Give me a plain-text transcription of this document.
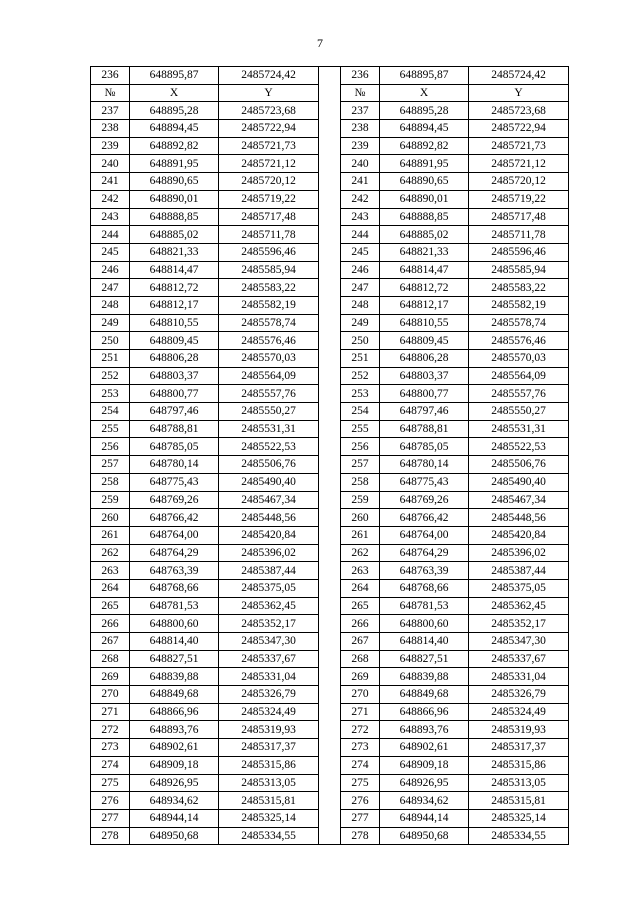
7
236	648895,87	2485724,42		236	648895,87	2485724,42
№	X	Y		№	X	Y
237	648895,28	2485723,68		237	648895,28	2485723,68
238	648894,45	2485722,94		238	648894,45	2485722,94
239	648892,82	2485721,73		239	648892,82	2485721,73
240	648891,95	2485721,12		240	648891,95	2485721,12
241	648890,65	2485720,12		241	648890,65	2485720,12
242	648890,01	2485719,22		242	648890,01	2485719,22
243	648888,85	2485717,48		243	648888,85	2485717,48
244	648885,02	2485711,78		244	648885,02	2485711,78
245	648821,33	2485596,46		245	648821,33	2485596,46
246	648814,47	2485585,94		246	648814,47	2485585,94
247	648812,72	2485583,22		247	648812,72	2485583,22
248	648812,17	2485582,19		248	648812,17	2485582,19
249	648810,55	2485578,74		249	648810,55	2485578,74
250	648809,45	2485576,46		250	648809,45	2485576,46
251	648806,28	2485570,03		251	648806,28	2485570,03
252	648803,37	2485564,09		252	648803,37	2485564,09
253	648800,77	2485557,76		253	648800,77	2485557,76
254	648797,46	2485550,27		254	648797,46	2485550,27
255	648788,81	2485531,31		255	648788,81	2485531,31
256	648785,05	2485522,53		256	648785,05	2485522,53
257	648780,14	2485506,76		257	648780,14	2485506,76
258	648775,43	2485490,40		258	648775,43	2485490,40
259	648769,26	2485467,34		259	648769,26	2485467,34
260	648766,42	2485448,56		260	648766,42	2485448,56
261	648764,00	2485420,84		261	648764,00	2485420,84
262	648764,29	2485396,02		262	648764,29	2485396,02
263	648763,39	2485387,44		263	648763,39	2485387,44
264	648768,66	2485375,05		264	648768,66	2485375,05
265	648781,53	2485362,45		265	648781,53	2485362,45
266	648800,60	2485352,17		266	648800,60	2485352,17
267	648814,40	2485347,30		267	648814,40	2485347,30
268	648827,51	2485337,67		268	648827,51	2485337,67
269	648839,88	2485331,04		269	648839,88	2485331,04
270	648849,68	2485326,79		270	648849,68	2485326,79
271	648866,96	2485324,49		271	648866,96	2485324,49
272	648893,76	2485319,93		272	648893,76	2485319,93
273	648902,61	2485317,37		273	648902,61	2485317,37
274	648909,18	2485315,86		274	648909,18	2485315,86
275	648926,95	2485313,05		275	648926,95	2485313,05
276	648934,62	2485315,81		276	648934,62	2485315,81
277	648944,14	2485325,14		277	648944,14	2485325,14
278	648950,68	2485334,55		278	648950,68	2485334,55
